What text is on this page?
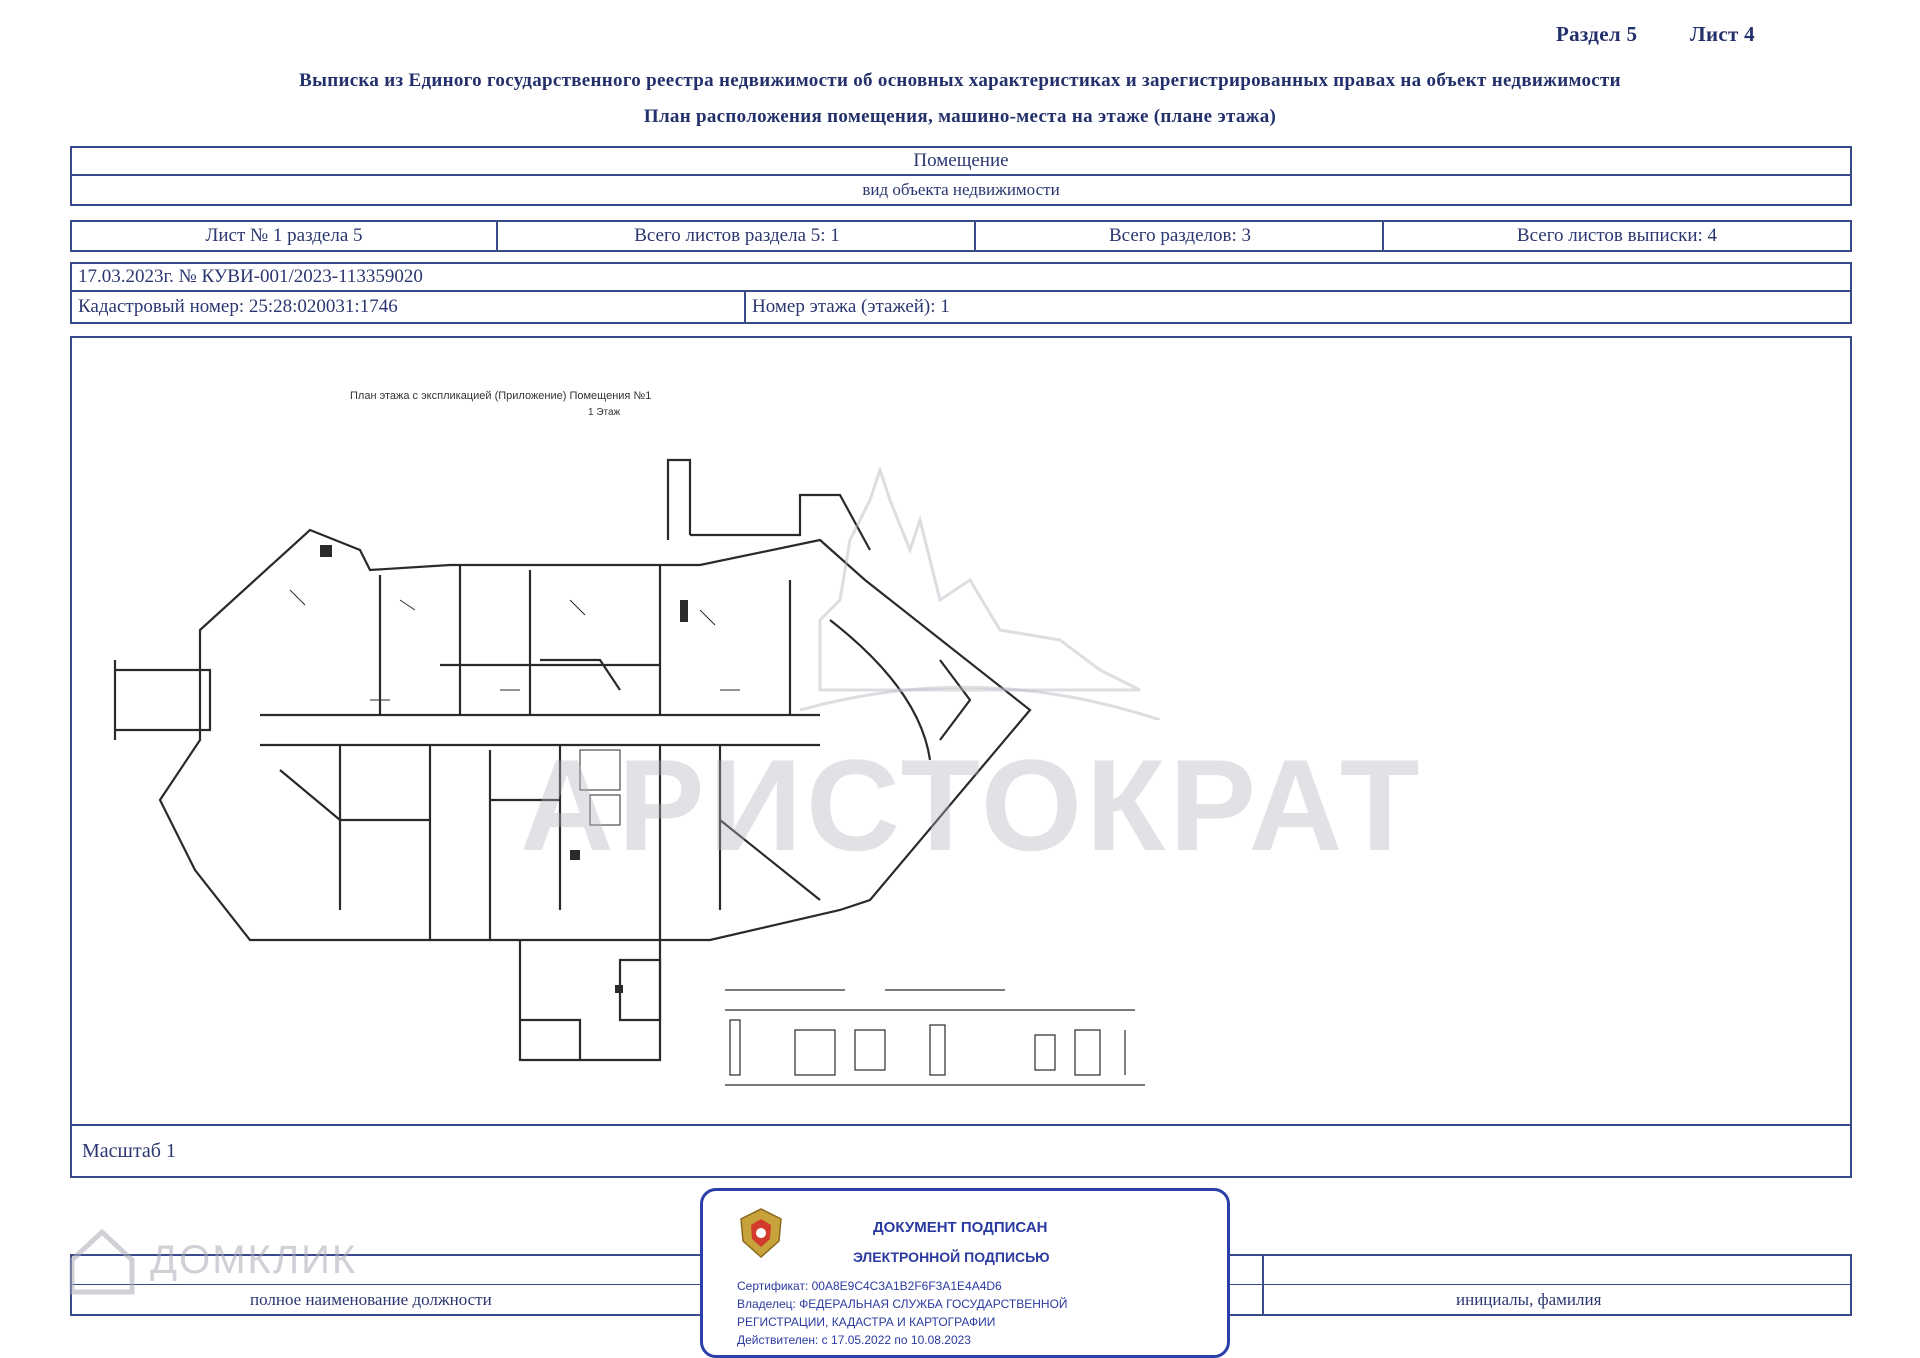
Раздел 5	Лист 4
Выписка из Единого государственного реестра недвижимости об основных характеристиках и зарегистрированных правах на объект недвижимости
План расположения помещения, машино-места на этаже (плане этажа)
Помещение
вид объекта недвижимости
Лист № 1 раздела 5	Всего листов раздела 5: 1	Всего разделов: 3	Всего листов выписки: 4
17.03.2023г. № КУВИ-001/2023-113359020
Кадастровый номер: 25:28:020031:1746	Номер этажа (этажей): 1
План этажа с экспликацией (Приложение) Помещения №1
1 Этаж
АРИСТОКРАТ
Масштаб 1
полное наименование должности	инициалы, фамилия
ДОМКЛИК
ДОКУМЕНТ ПОДПИСАН
ЭЛЕКТРОННОЙ ПОДПИСЬЮ
Сертификат: 00A8E9C4C3A1B2F6F3A1E4A4D6
Владелец: ФЕДЕРАЛЬНАЯ СЛУЖБА ГОСУДАРСТВЕННОЙ
РЕГИСТРАЦИИ, КАДАСТРА И КАРТОГРАФИИ
Действителен: с 17.05.2022 по 10.08.2023
